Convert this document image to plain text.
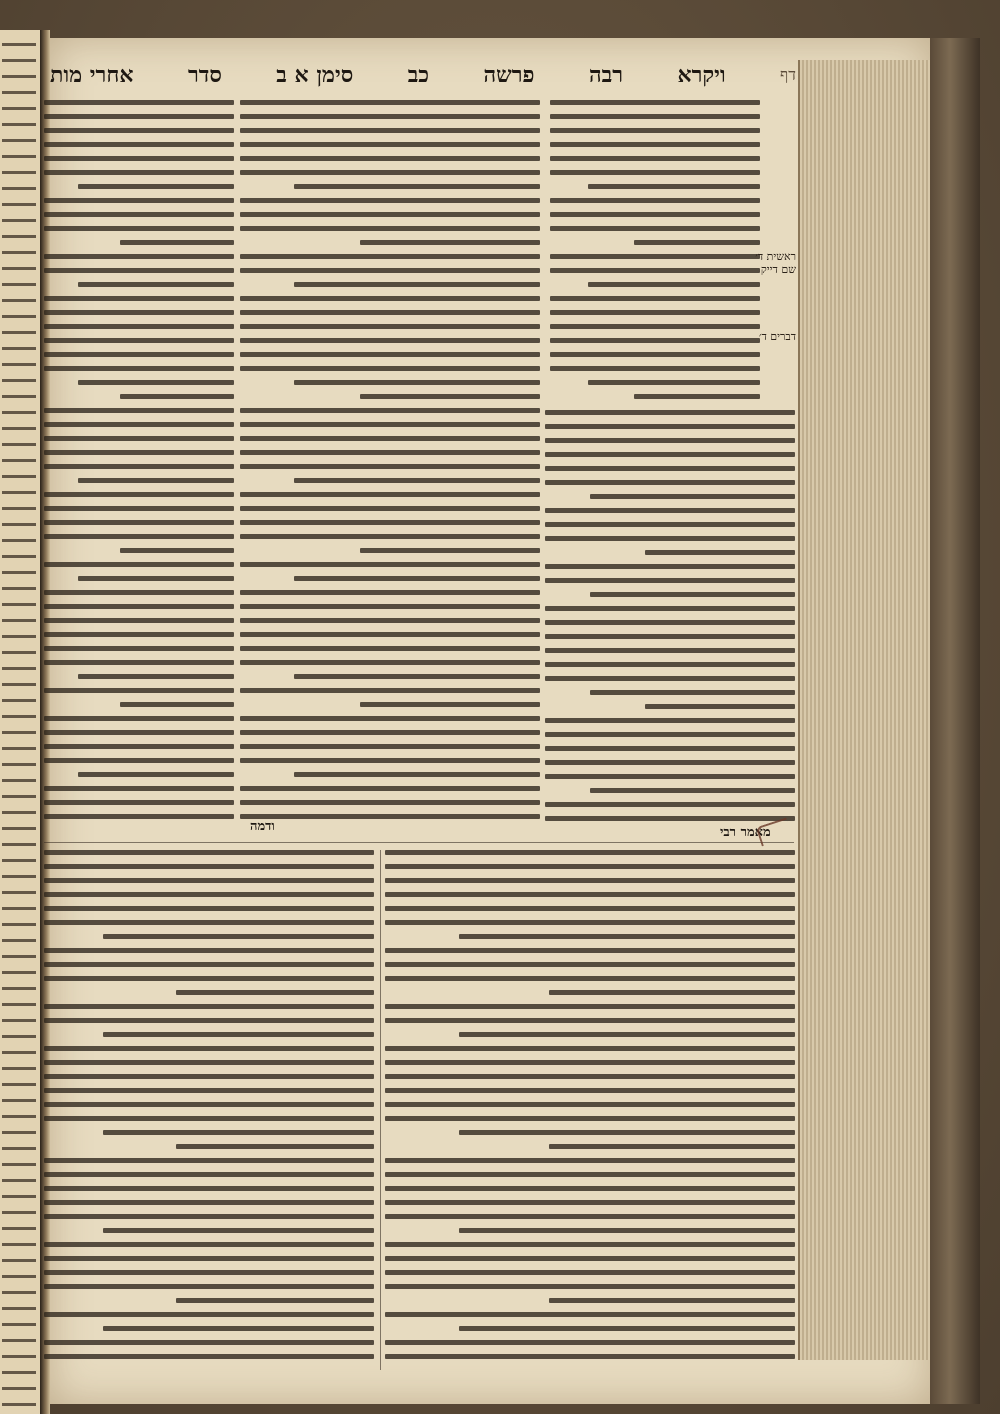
דף
ויקרא
רבה
פרשה
כב
סימן א ב
סדר
אחרי מות
ודמה	מאמר רבי
ראשית ד׳ שם דייק
דברים ד׳
